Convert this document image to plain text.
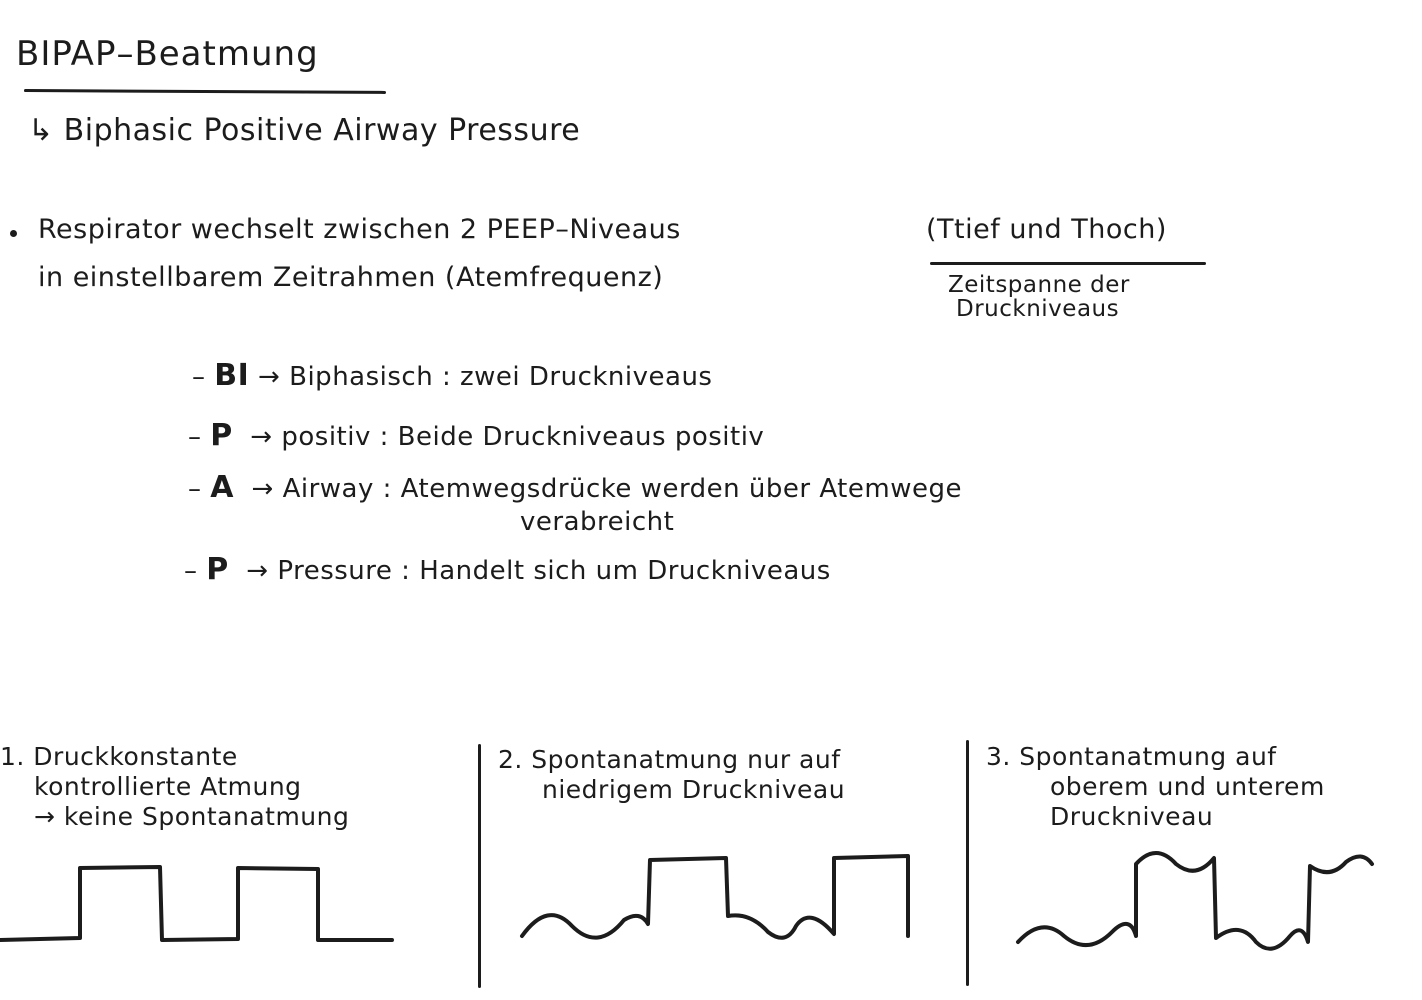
BIPAP–Beatmung
↳ Biphasic Positive Airway Pressure
Respirator wechselt zwischen 2 PEEP–Niveaus	(Ttief und Thoch)
in einstellbarem Zeitrahmen (Atemfrequenz)	Zeitspanne der
Druckniveaus
– BI → Biphasisch : zwei Druckniveaus
– P  → positiv : Beide Druckniveaus positiv
– A  → Airway : Atemwegsdrücke werden über Atemwege
verabreicht
– P  → Pressure : Handelt sich um Druckniveaus
1. Druckkonstante
kontrollierte Atmung
→ keine Spontanatmung
2. Spontanatmung nur auf
niedrigem Druckniveau
3. Spontanatmung auf
oberem und unterem
Druckniveau
